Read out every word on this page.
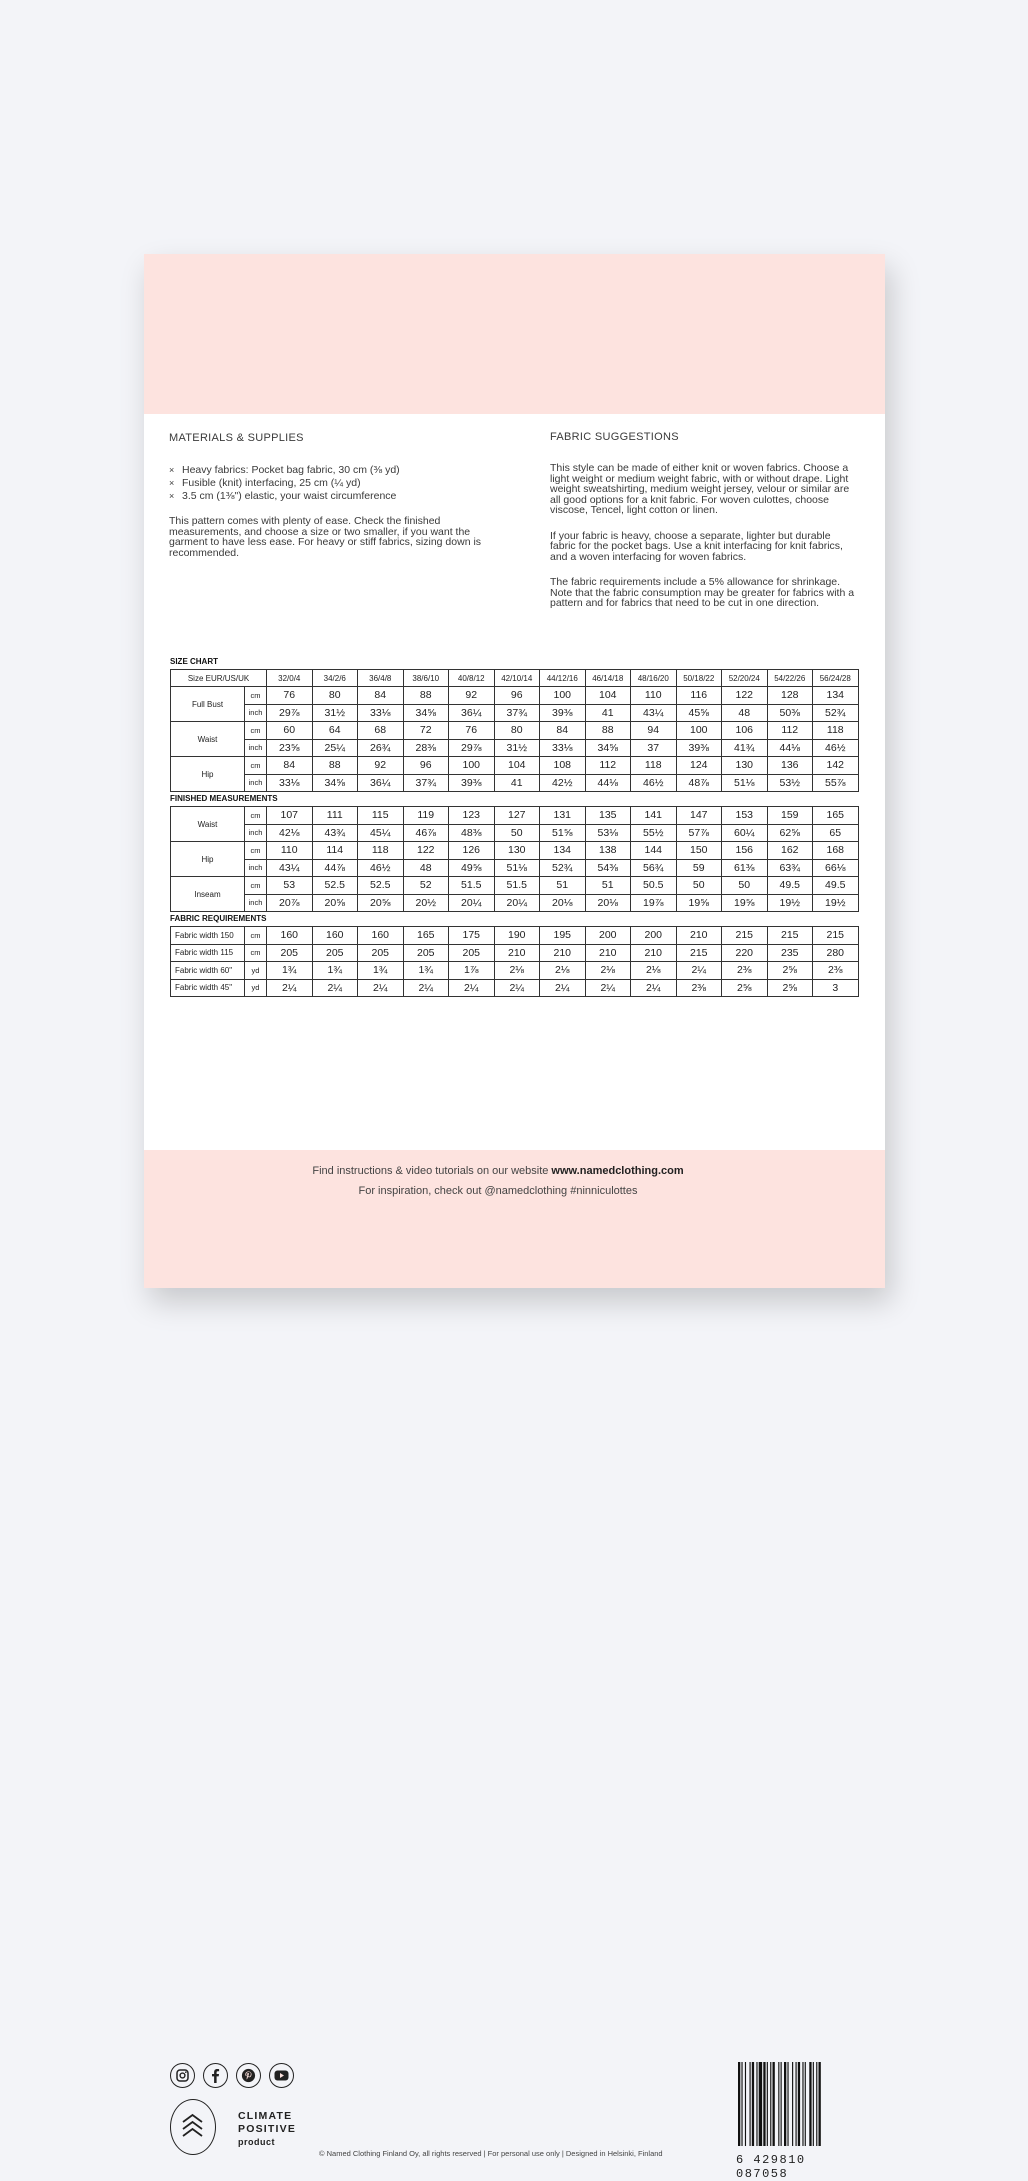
MATERIALS & SUPPLIES
× Heavy fabrics: Pocket bag fabric, 30 cm (⅜ yd)
× Fusible (knit) interfacing, 25 cm (¼ yd)
× 3.5 cm (1⅜") elastic, your waist circumference

This pattern comes with plenty of ease. Check the finished measurements, and choose a size or two smaller, if you want the garment to have less ease. For heavy or stiff fabrics, sizing down is recommended.

FABRIC SUGGESTIONS

This style can be made of either knit or woven fabrics. Choose a light weight or medium weight fabric, with or without drape. Light weight sweatshirting, medium weight jersey, velour or similar are all good options for a knit fabric. For woven culottes, choose viscose, Tencel, light cotton or linen.

If your fabric is heavy, choose a separate, lighter but durable fabric for the pocket bags. Use a knit interfacing for knit fabrics, and a woven interfacing for woven fabrics.

The fabric requirements include a 5% allowance for shrinkage. Note that the fabric consumption may be greater for fabrics with a pattern and for fabrics that need to be cut in one direction.

SIZE CHART
Size EUR/US/UK		32/0/4	34/2/6	36/4/8	38/6/10	40/8/12	42/10/14	44/12/16	46/14/18	48/16/20	50/18/22	52/20/24	54/22/26	56/24/28
Full Bust	cm	76	80	84	88	92	96	100	104	110	116	122	128	134
	inch	29⅞	31½	33⅛	34⅝	36¼	37¾	39⅜	41	43¼	45⅝	48	50⅜	52¾
Waist	cm	60	64	68	72	76	80	84	88	94	100	106	112	118
	inch	23⅝	25¼	26¾	28⅜	29⅞	31½	33⅛	34⅝	37	39⅜	41¾	44⅛	46½
Hip	cm	84	88	92	96	100	104	108	112	118	124	130	136	142
	inch	33⅛	34⅝	36¼	37¾	39⅜	41	42½	44⅛	46½	48⅞	51⅛	53½	55⅞
FINISHED MEASUREMENTS
Waist	cm	107	111	115	119	123	127	131	135	141	147	153	159	165
	inch	42⅛	43¾	45¼	46⅞	48⅜	50	51⅝	53⅛	55½	57⅞	60¼	62⅝	65
Hip	cm	110	114	118	122	126	130	134	138	144	150	156	162	168
	inch	43¼	44⅞	46½	48	49⅝	51⅛	52¾	54⅜	56¾	59	61⅜	63¾	66⅛
Inseam	cm	53	52.5	52.5	52	51.5	51.5	51	51	50.5	50	50	49.5	49.5
	inch	20⅞	20⅝	20⅝	20½	20¼	20¼	20⅛	20⅛	19⅞	19⅝	19⅝	19½	19½
FABRIC REQUIREMENTS
Fabric width 150	cm	160	160	160	165	175	190	195	200	200	210	215	215	215
Fabric width 115	cm	205	205	205	205	205	210	210	210	210	215	220	235	280
Fabric width 60"	yd	1¾	1¾	1¾	1¾	1⅞	2⅛	2⅛	2⅛	2⅛	2¼	2⅜	2⅝	2⅜
Fabric width 45"	yd	2¼	2¼	2¼	2¼	2¼	2¼	2¼	2¼	2¼	2⅜	2⅝	2⅝	3
CLIMATE
POSITIVE
product
Find instructions & video tutorials on our website www.namedclothing.com
For inspiration, check out @namedclothing #ninniculottes
© Named Clothing Finland Oy, all rights reserved | For personal use only | Designed in Helsinki, Finland	6 429810 087058
